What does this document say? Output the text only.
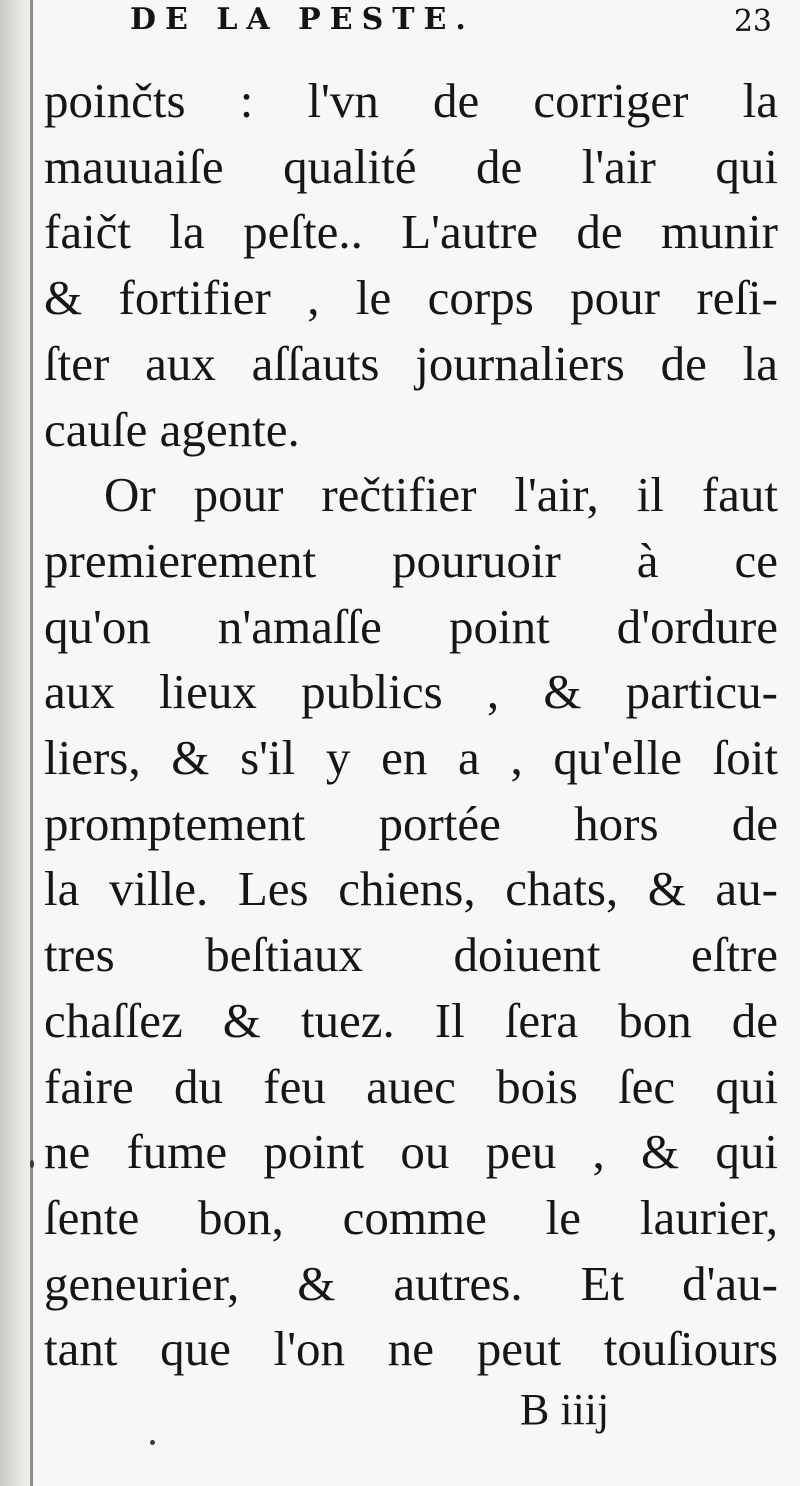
DE LA PESTE.	23
poinčts : l'vn de corriger la
mauuaiſe qualité de l'air qui
faičt la peſte.. L'autre de munir
& fortifier , le corps pour reſi-
ſter aux aſſauts journaliers de la
cauſe agente.
Or pour rečtifier l'air, il faut
premierement pouruoir à ce
qu'on n'amaſſe point d'ordure
aux lieux publics , & particu-
liers, & s'il y en a , qu'elle ſoit
promptement portée hors de
la ville. Les chiens, chats, & au-
tres beſtiaux doiuent eſtre
chaſſez & tuez. Il ſera bon de
faire du feu auec bois ſec qui
ne fume point ou peu , & qui
ſente bon, comme le laurier,
geneurier, & autres. Et d'au-
tant que l'on ne peut touſiours
B iiij
